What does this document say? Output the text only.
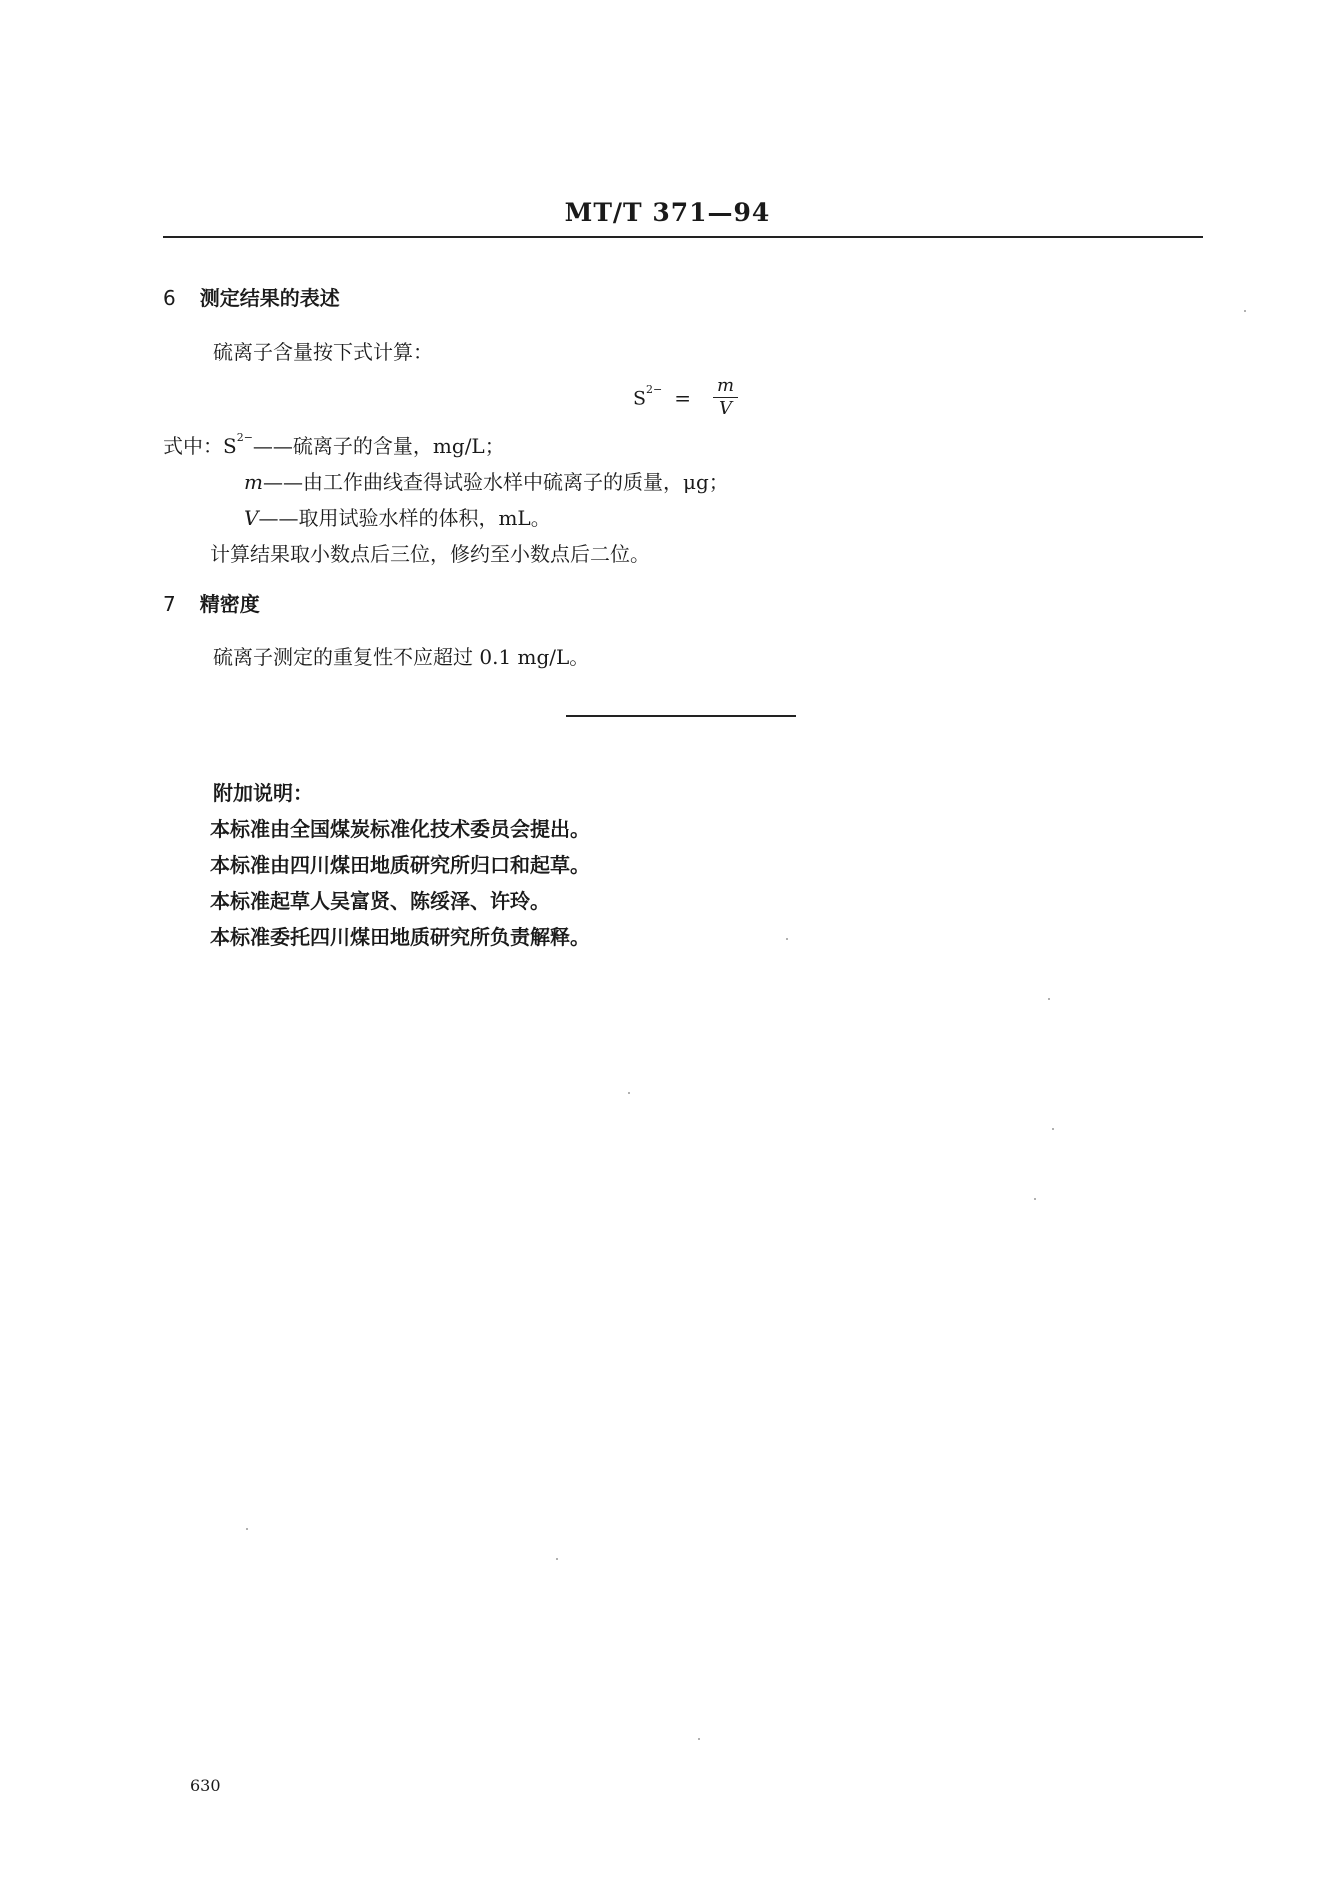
MT/T 371—94
6 测定结果的表述
硫离子含量按下式计算：
$S^{2-} = \frac{m}{V}$
式中：$S^{2-}——$硫离子的含量，mg/L；
m——由工作曲线查得试验水样中硫离子的质量，μg；
V——取用试验水样的体积，mL。
计算结果取小数点后三位，修约至小数点后二位。
7 精密度
硫离子测定的重复性不应超过 0.1 mg/L。
附加说明：
本标准由全国煤炭标准化技术委员会提出。
本标准由四川煤田地质研究所归口和起草。
本标准起草人吴富贤、陈绥泽、许玲。
本标准委托四川煤田地质研究所负责解释。
630
